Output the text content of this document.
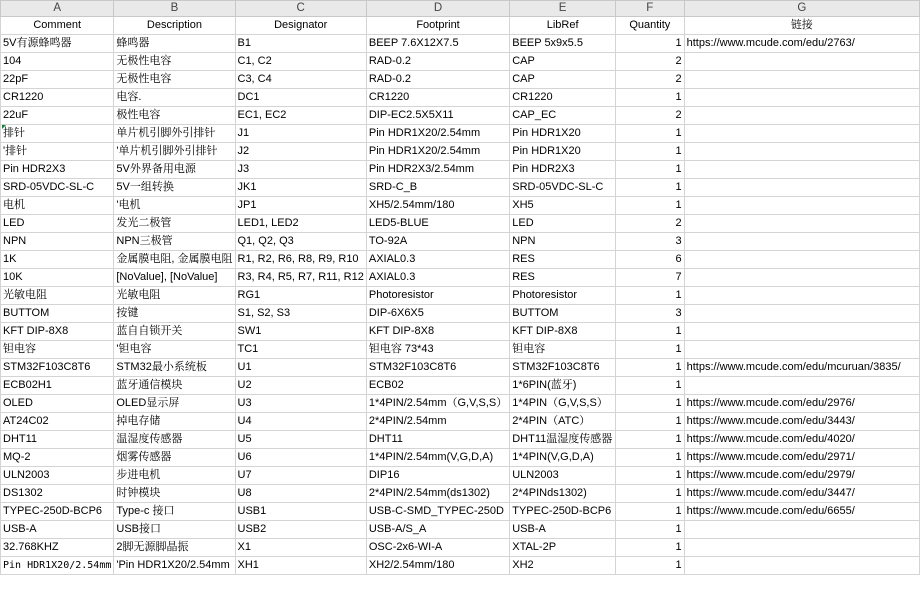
A	B	C	D	E	F	G
Comment	Description	Designator	Footprint	LibRef	Quantity	链接
5V有源蜂鸣器	蜂鸣器	B1	BEEP 7.6X12X7.5	BEEP 5x9x5.5	1	https://www.mcude.com/edu/2763/
104	无极性电容	C1, C2	RAD-0.2	CAP	2	
22pF	无极性电容	C3, C4	RAD-0.2	CAP	2	
CR1220	电容.	DC1	CR1220	CR1220	1	
22uF	极性电容	EC1, EC2	DIP-EC2.5X5X11	CAP_EC	2	
排针	单片机引脚外引排针	J1	Pin HDR1X20/2.54mm	Pin HDR1X20	1	
'排针	'单片机引脚外引排针	J2	Pin HDR1X20/2.54mm	Pin HDR1X20	1	
Pin HDR2X3	5V外界备用电源	J3	Pin HDR2X3/2.54mm	Pin HDR2X3	1	
SRD-05VDC-SL-C	5V一组转换	JK1	SRD-C_B	SRD-05VDC-SL-C	1	
电机	'电机	JP1	XH5/2.54mm/180	XH5	1	
LED	发光二极管	LED1, LED2	LED5-BLUE	LED	2	
NPN	NPN三极管	Q1, Q2, Q3	TO-92A	NPN	3	
1K	金属膜电阻, 金属膜电阻	R1, R2, R6, R8, R9, R10	AXIAL0.3	RES	6	
10K	[NoValue], [NoValue]	R3, R4, R5, R7, R11, R12	AXIAL0.3	RES	7	
光敏电阻	光敏电阻	RG1	Photoresistor	Photoresistor	1	
BUTTOM	按键	S1, S2, S3	DIP-6X6X5	BUTTOM	3	
KFT DIP-8X8	蓝自自锁开关	SW1	KFT DIP-8X8	KFT DIP-8X8	1	
钽电容	'钽电容	TC1	钽电容 73*43	钽电容	1	
STM32F103C8T6	STM32最小系统板	U1	STM32F103C8T6	STM32F103C8T6	1	https://www.mcude.com/edu/mcuruan/3835/
ECB02H1	蓝牙通信模块	U2	ECB02	1*6PIN(蓝牙)	1	
OLED	OLED显示屏	U3	1*4PIN/2.54mm（G,V,S,S）	1*4PIN（G,V,S,S）	1	https://www.mcude.com/edu/2976/
AT24C02	掉电存储	U4	2*4PIN/2.54mm	2*4PIN（ATC）	1	https://www.mcude.com/edu/3443/
DHT11	温湿度传感器	U5	DHT11	DHT11温湿度传感器	1	https://www.mcude.com/edu/4020/
MQ-2	烟雾传感器	U6	1*4PIN/2.54mm(V,G,D,A)	1*4PIN(V,G,D,A)	1	https://www.mcude.com/edu/2971/
ULN2003	步进电机	U7	DIP16	ULN2003	1	https://www.mcude.com/edu/2979/
DS1302	时钟模块	U8	2*4PIN/2.54mm(ds1302)	2*4PINds1302)	1	https://www.mcude.com/edu/3447/
TYPEC-250D-BCP6	Type-c 接口	USB1	USB-C-SMD_TYPEC-250D	TYPEC-250D-BCP6	1	https://www.mcude.com/edu/6655/
USB-A	USB接口	USB2	USB-A/S_A	USB-A	1	
32.768KHZ	2脚无源脚晶振	X1	OSC-2x6-WI-A	XTAL-2P	1	
Pin HDR1X20/2.54mm	'Pin HDR1X20/2.54mm	XH1	XH2/2.54mm/180	XH2	1	
